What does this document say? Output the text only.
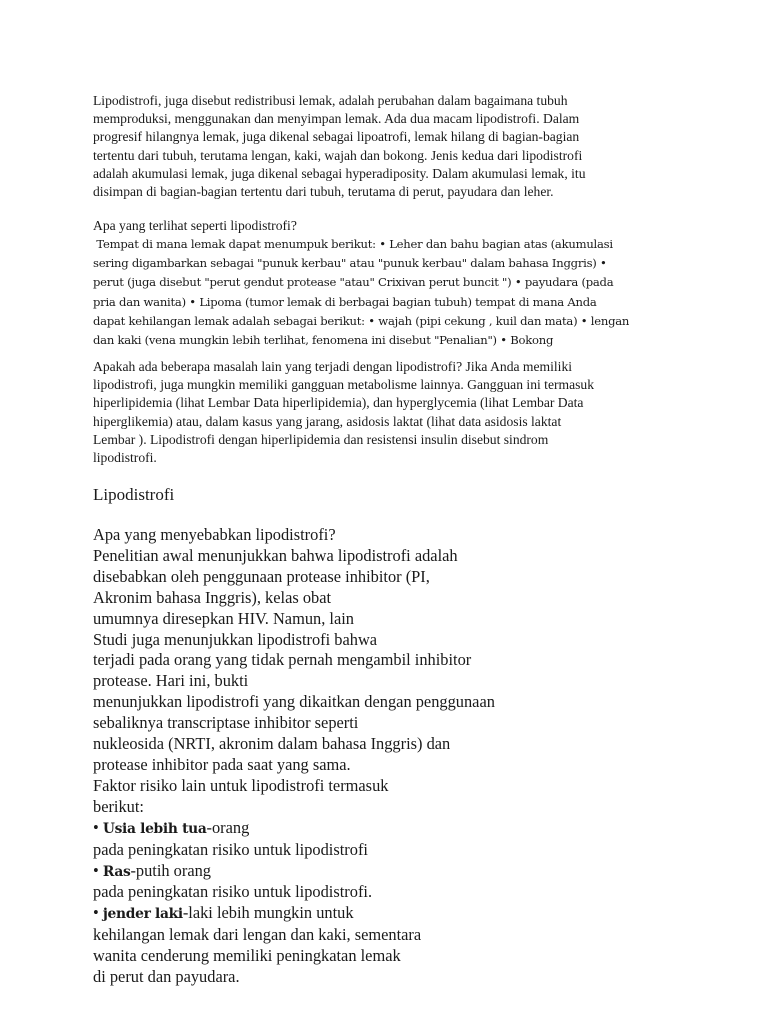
Lipodistrofi, juga disebut redistribusi lemak, adalah perubahan dalam bagaimana tubuh
memproduksi, menggunakan dan menyimpan lemak. Ada dua macam lipodistrofi. Dalam
progresif hilangnya lemak, juga dikenal sebagai lipoatrofi, lemak hilang di bagian-bagian
tertentu dari tubuh, terutama lengan, kaki, wajah dan bokong. Jenis kedua dari lipodistrofi
adalah akumulasi lemak, juga dikenal sebagai hyperadiposity. Dalam akumulasi lemak, itu
disimpan di bagian-bagian tertentu dari tubuh, terutama di perut, payudara dan leher.
Apa yang terlihat seperti lipodistrofi?
Tempat di mana lemak dapat menumpuk berikut: • Leher dan bahu bagian atas (akumulasi
sering digambarkan sebagai "punuk kerbau" atau "punuk kerbau" dalam bahasa Inggris) •
perut (juga disebut "perut gendut protease "atau" Crixivan perut buncit ") • payudara (pada
pria dan wanita) • Lipoma (tumor lemak di berbagai bagian tubuh) tempat di mana Anda
dapat kehilangan lemak adalah sebagai berikut: • wajah (pipi cekung , kuil dan mata) • lengan
dan kaki (vena mungkin lebih terlihat, fenomena ini disebut "Penalian") • Bokong
Apakah ada beberapa masalah lain yang terjadi dengan lipodistrofi? Jika Anda memiliki
lipodistrofi, juga mungkin memiliki gangguan metabolisme lainnya. Gangguan ini termasuk
hiperlipidemia (lihat Lembar Data hiperlipidemia), dan hyperglycemia (lihat Lembar Data
hiperglikemia) atau, dalam kasus yang jarang, asidosis laktat (lihat data asidosis laktat
Lembar ). Lipodistrofi dengan hiperlipidemia dan resistensi insulin disebut sindrom
lipodistrofi.
Lipodistrofi
Apa yang menyebabkan lipodistrofi?
Penelitian awal menunjukkan bahwa lipodistrofi adalah
disebabkan oleh penggunaan protease inhibitor (PI,
Akronim bahasa Inggris), kelas obat
umumnya diresepkan HIV. Namun, lain
Studi juga menunjukkan lipodistrofi bahwa
terjadi pada orang yang tidak pernah mengambil inhibitor
protease. Hari ini, bukti
menunjukkan lipodistrofi yang dikaitkan dengan penggunaan
sebaliknya transcriptase inhibitor seperti
nukleosida (NRTI, akronim dalam bahasa Inggris) dan
protease inhibitor pada saat yang sama.
Faktor risiko lain untuk lipodistrofi termasuk
berikut:
• Usia lebih tua-orang
pada peningkatan risiko untuk lipodistrofi
• Ras-putih orang
pada peningkatan risiko untuk lipodistrofi.
• jender laki-laki lebih mungkin untuk
kehilangan lemak dari lengan dan kaki, sementara
wanita cenderung memiliki peningkatan lemak
di perut dan payudara.
